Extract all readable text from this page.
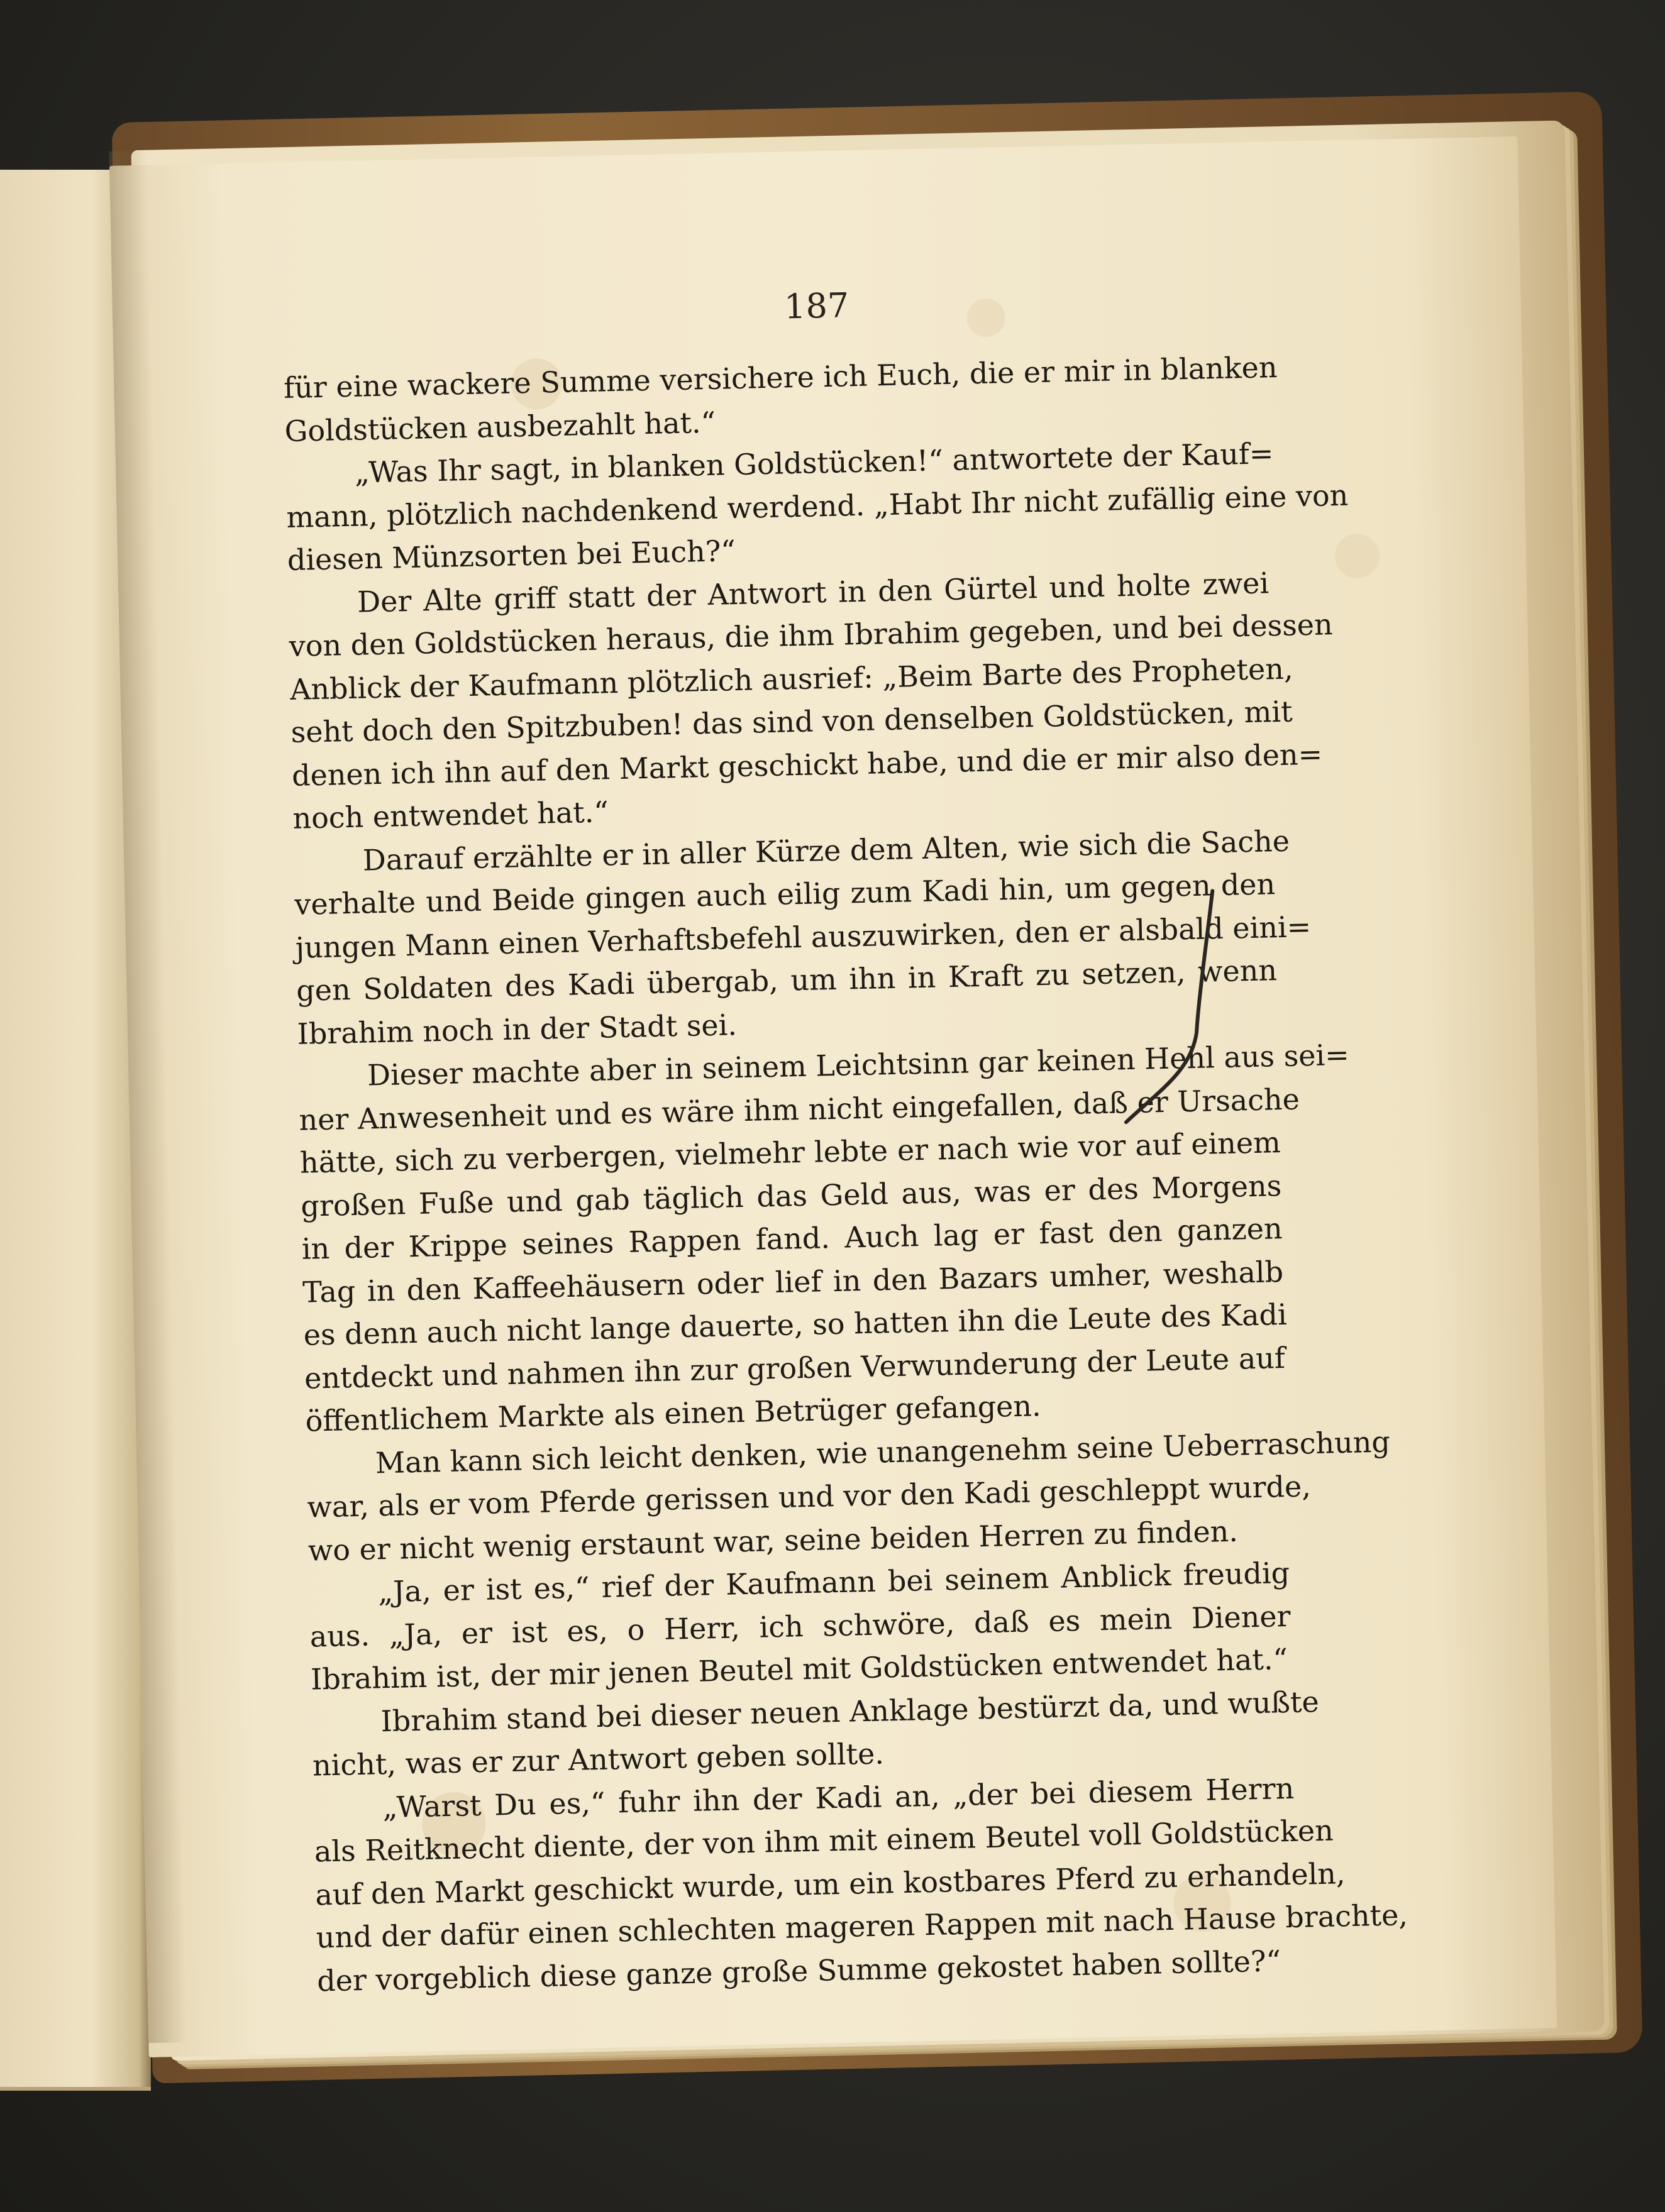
187
für eine wackere Summe versichere ich Euch, die er mir in blanken
Goldstücken ausbezahlt hat.“
„Was Ihr sagt, in blanken Goldstücken!“ antwortete der Kauf=
mann, plötzlich nachdenkend werdend. „Habt Ihr nicht zufällig eine von
diesen Münzsorten bei Euch?“
Der Alte griff statt der Antwort in den Gürtel und holte zwei
von den Goldstücken heraus, die ihm Ibrahim gegeben, und bei dessen
Anblick der Kaufmann plötzlich ausrief: „Beim Barte des Propheten,
seht doch den Spitzbuben! das sind von denselben Goldstücken, mit
denen ich ihn auf den Markt geschickt habe, und die er mir also den=
noch entwendet hat.“
Darauf erzählte er in aller Kürze dem Alten, wie sich die Sache
verhalte und Beide gingen auch eilig zum Kadi hin, um gegen den
jungen Mann einen Verhaftsbefehl auszuwirken, den er alsbald eini=
gen Soldaten des Kadi übergab, um ihn in Kraft zu setzen, wenn
Ibrahim noch in der Stadt sei.
Dieser machte aber in seinem Leichtsinn gar keinen Hehl aus sei=
ner Anwesenheit und es wäre ihm nicht eingefallen, daß er Ursache
hätte, sich zu verbergen, vielmehr lebte er nach wie vor auf einem
großen Fuße und gab täglich das Geld aus, was er des Morgens
in der Krippe seines Rappen fand. Auch lag er fast den ganzen
Tag in den Kaffeehäusern oder lief in den Bazars umher, weshalb
es denn auch nicht lange dauerte, so hatten ihn die Leute des Kadi
entdeckt und nahmen ihn zur großen Verwunderung der Leute auf
öffentlichem Markte als einen Betrüger gefangen.
Man kann sich leicht denken, wie unangenehm seine Ueberraschung
war, als er vom Pferde gerissen und vor den Kadi geschleppt wurde,
wo er nicht wenig erstaunt war, seine beiden Herren zu finden.
„Ja, er ist es,“ rief der Kaufmann bei seinem Anblick freudig
aus. „Ja, er ist es, o Herr, ich schwöre, daß es mein Diener
Ibrahim ist, der mir jenen Beutel mit Goldstücken entwendet hat.“
Ibrahim stand bei dieser neuen Anklage bestürzt da, und wußte
nicht, was er zur Antwort geben sollte.
„Warst Du es,“ fuhr ihn der Kadi an, „der bei diesem Herrn
als Reitknecht diente, der von ihm mit einem Beutel voll Goldstücken
auf den Markt geschickt wurde, um ein kostbares Pferd zu erhandeln,
und der dafür einen schlechten mageren Rappen mit nach Hause brachte,
der vorgeblich diese ganze große Summe gekostet haben sollte?“
